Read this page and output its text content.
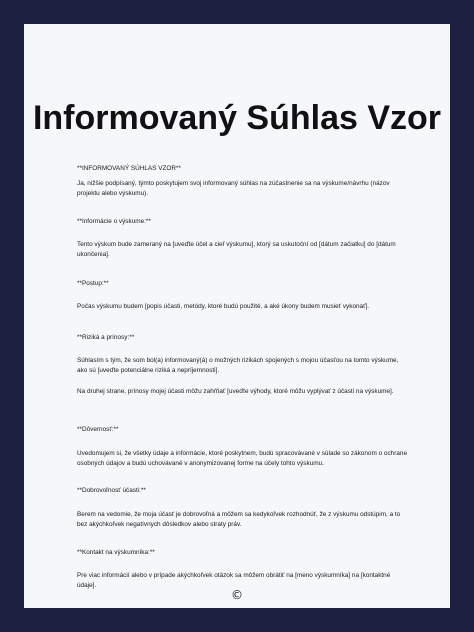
Informovaný Súhlas Vzor

**INFORMOVANÝ SÚHLAS VZOR**

Ja, nižšie podpísaný, týmto poskytujem svoj informovaný súhlas na zúčastnenie sa na výskume/návrhu (názov projektu alebo výskumu).

**Informácie o výskume:**

Tento výskum bude zameraný na [uveďte účel a cieľ výskumu], ktorý sa uskutoční od [dátum začiatku] do [dátum ukončenia].

**Postup:**

Počas výskumu budem [popis účasti, metódy, ktoré budú použité, a aké úkony budem musieť vykonať].

**Riziká a prínosy:**

Súhlasím s tým, že som bol(a) informovaný(á) o možných rizikách spojených s mojou účasťou na tomto výskume, ako sú [uveďte potenciálne riziká a nepríjemnosti].

Na druhej strane, prínosy mojej účasti môžu zahŕňať [uveďte výhody, ktoré môžu vyplývať z účasti na výskume].

**Dôvernosť:**

Uvedomujem si, že všetky údaje a informácie, ktoré poskytnem, budú spracovávané v súlade so zákonom o ochrane osobných údajov a budú uchovávané v anonymizovanej forme na účely tohto výskumu.

**Dobrovoľnosť účasti:**

Berem na vedomie, že moja účasť je dobrovoľná a môžem sa kedykoľvek rozhodnúť, že z výskumu odstúpim, a to bez akýchkoľvek negatívnych dôsledkov alebo straty práv.

**Kontakt na výskumníka:**

Pre viac informácií alebo v prípade akýchkoľvek otázok sa môžem obrátiť na [meno výskumníka] na [kontaktné údaje].

©
